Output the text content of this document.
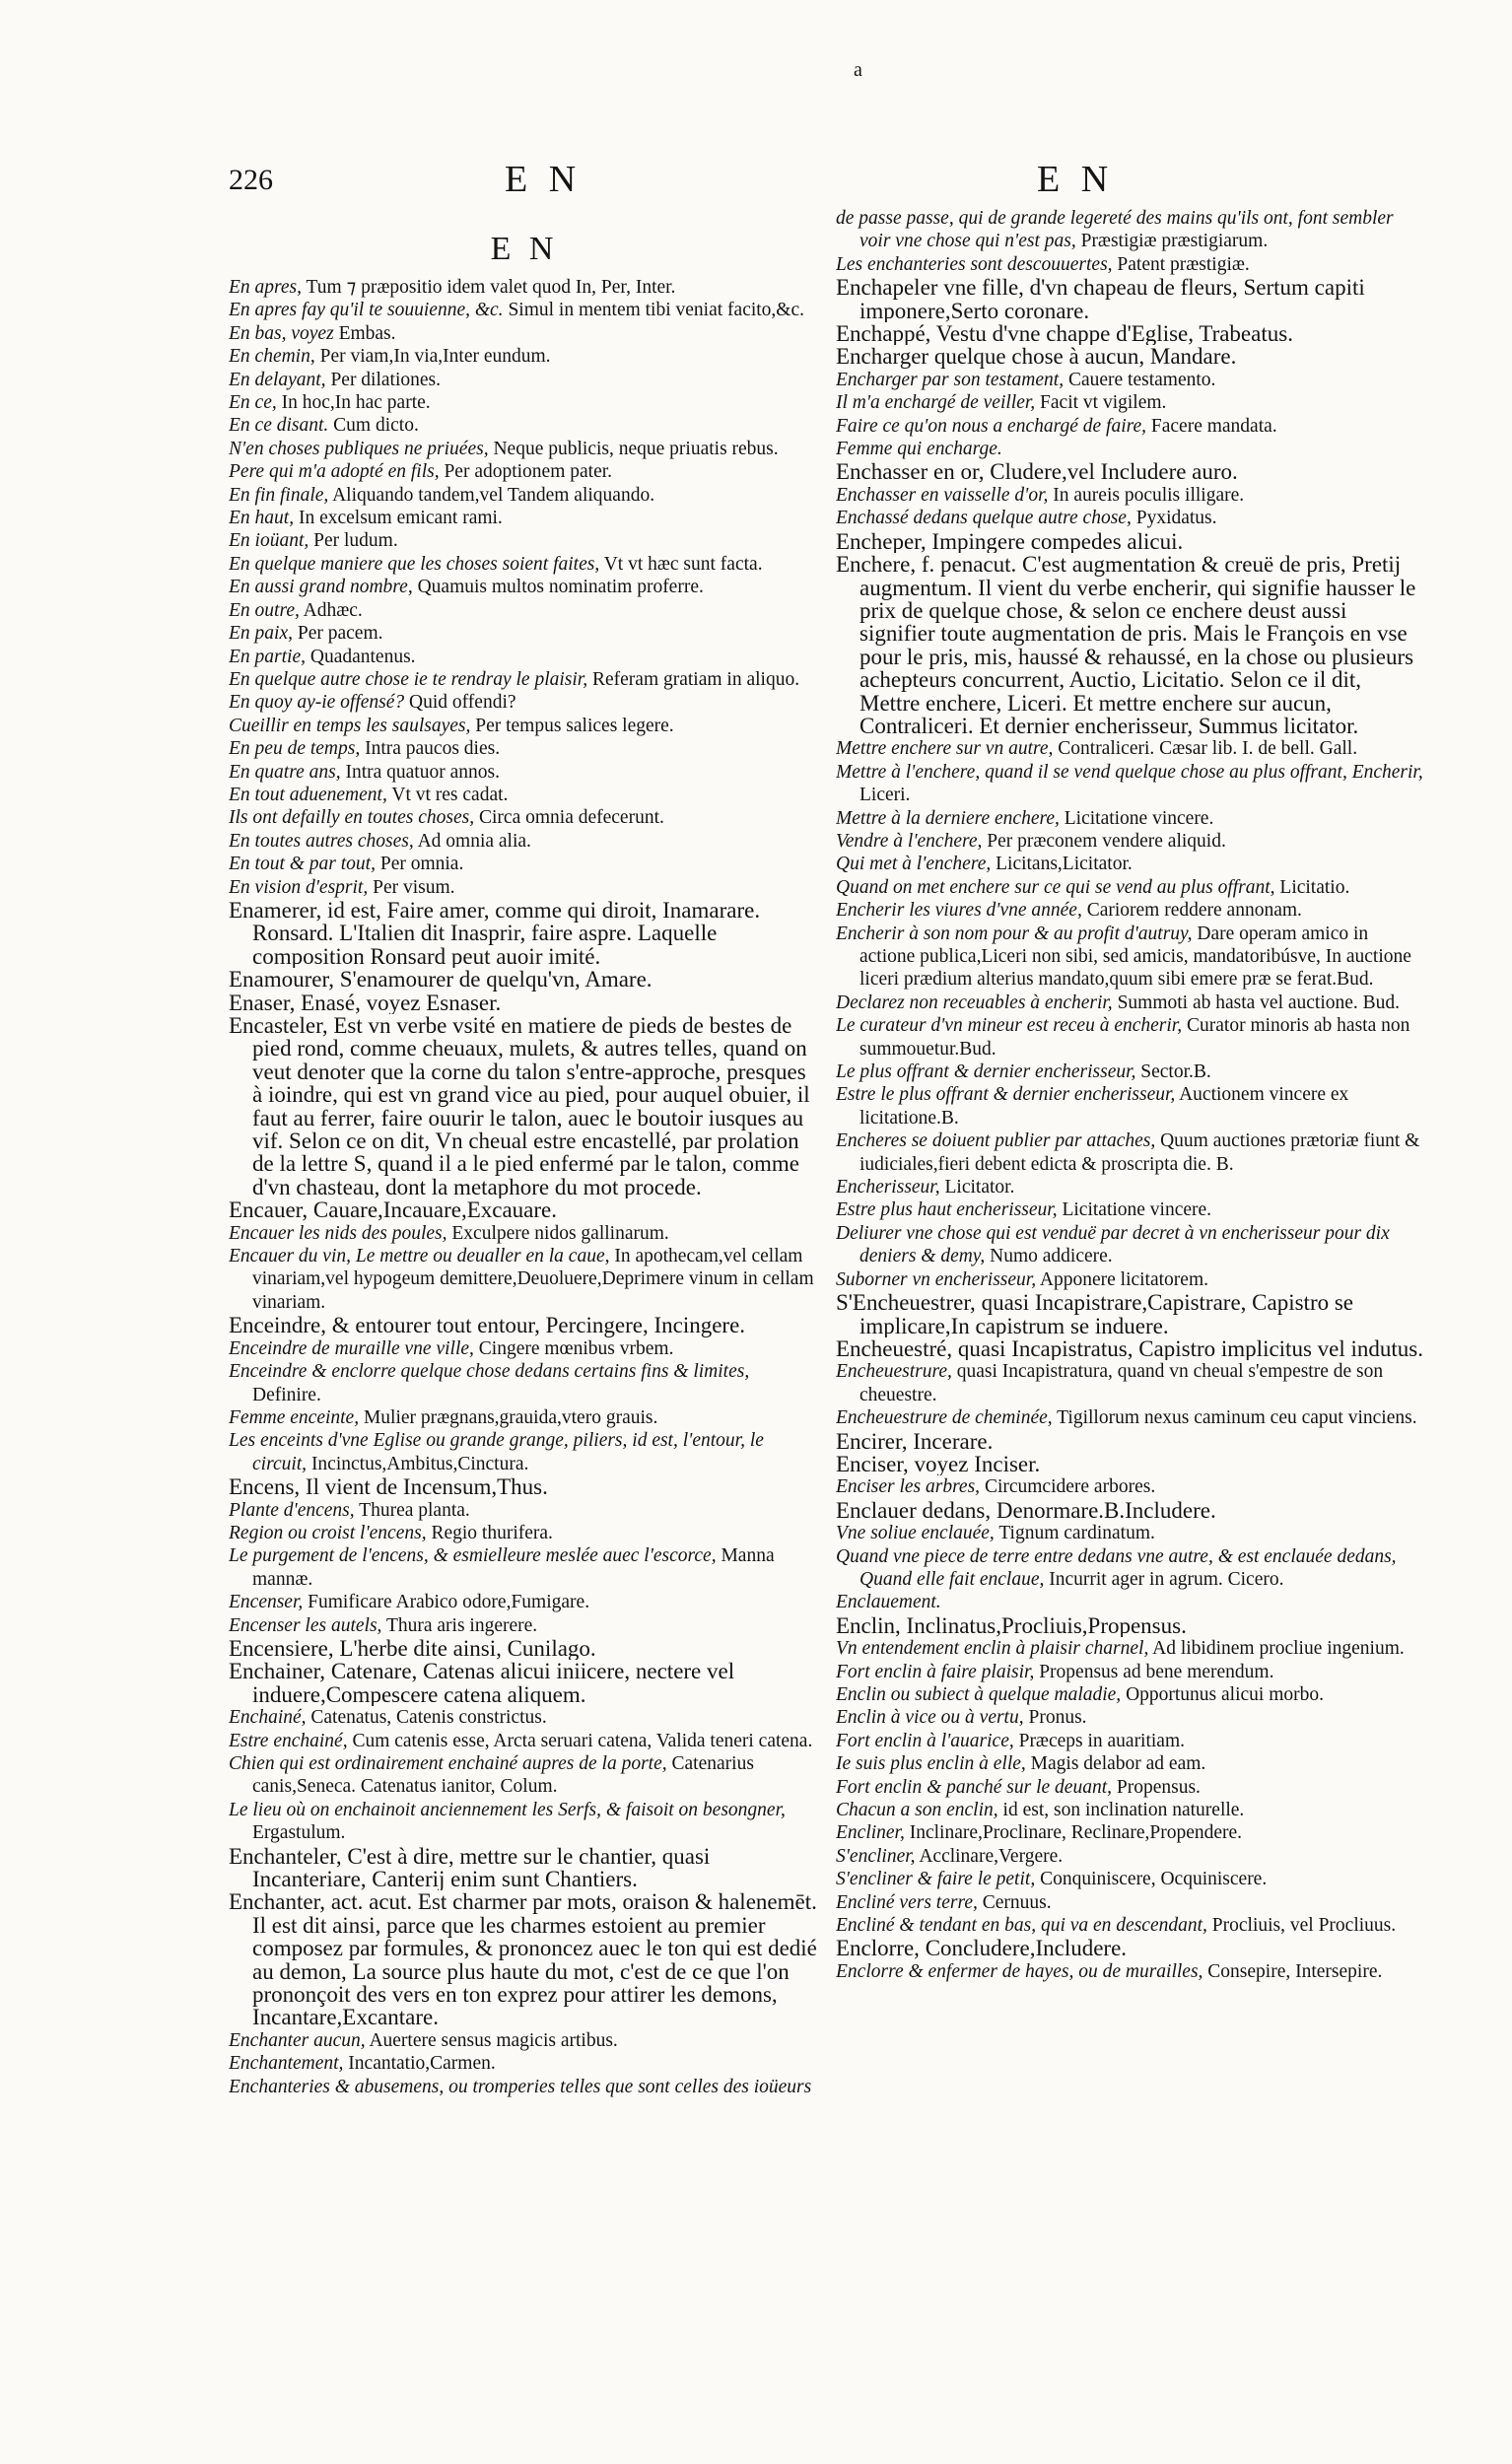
a
226	E N	E N
E N

En apres, Tum ⁊ præpositio idem valet quod In, Per, Inter.

En apres fay qu'il te souuienne, &c. Simul in mentem tibi veniat facito,&c.

En bas, voyez Embas.

En chemin, Per viam,In via,Inter eundum.

En delayant, Per dilationes.

En ce, In hoc,In hac parte.

En ce disant. Cum dicto.

N'en choses publiques ne priuées, Neque publicis, neque priuatis rebus.

Pere qui m'a adopté en fils, Per adoptionem pater.

En fin finale, Aliquando tandem,vel Tandem aliquando.

En haut, In excelsum emicant rami.

En ioüant, Per ludum.

En quelque maniere que les choses soient faites, Vt vt hæc sunt facta.

En aussi grand nombre, Quamuis multos nominatim proferre.

En outre, Adhæc.

En paix, Per pacem.

En partie, Quadantenus.

En quelque autre chose ie te rendray le plaisir, Referam gratiam in aliquo.

En quoy ay-ie offensé? Quid offendi?

Cueillir en temps les saulsayes, Per tempus salices legere.

En peu de temps, Intra paucos dies.

En quatre ans, Intra quatuor annos.

En tout aduenement, Vt vt res cadat.

Ils ont defailly en toutes choses, Circa omnia defecerunt.

En toutes autres choses, Ad omnia alia.

En tout & par tout, Per omnia.

En vision d'esprit, Per visum.

Enamerer, id est, Faire amer, comme qui diroit, Inamarare. Ronsard. L'Italien dit Inasprir, faire aspre. Laquelle composition Ronsard peut auoir imité.

Enamourer, S'enamourer de quelqu'vn, Amare.

Enaser, Enasé, voyez Esnaser.

Encasteler, Est vn verbe vsité en matiere de pieds de bestes de pied rond, comme cheuaux, mulets, & autres telles, quand on veut denoter que la corne du talon s'entre-approche, presques à ioindre, qui est vn grand vice au pied, pour auquel obuier, il faut au ferrer, faire ouurir le talon, auec le boutoir iusques au vif. Selon ce on dit, Vn cheual estre encastellé, par prolation de la lettre S, quand il a le pied enfermé par le talon, comme d'vn chasteau, dont la metaphore du mot procede.

Encauer, Cauare,Incauare,Excauare.

Encauer les nids des poules, Exculpere nidos gallinarum.

Encauer du vin, Le mettre ou deualler en la caue, In apothecam,vel cellam vinariam,vel hypogeum demittere,Deuoluere,Deprimere vinum in cellam vinariam.

Enceindre, & entourer tout entour, Percingere, Incingere.

Enceindre de muraille vne ville, Cingere mœnibus vrbem.

Enceindre & enclorre quelque chose dedans certains fins & limites, Definire.

Femme enceinte, Mulier prægnans,grauida,vtero grauis.

Les enceints d'vne Eglise ou grande grange, piliers, id est, l'entour, le circuit, Incinctus,Ambitus,Cinctura.

Encens, Il vient de Incensum,Thus.

Plante d'encens, Thurea planta.

Region ou croist l'encens, Regio thurifera.

Le purgement de l'encens, & esmielleure meslée auec l'escorce, Manna mannæ.

Encenser, Fumificare Arabico odore,Fumigare.

Encenser les autels, Thura aris ingerere.

Encensiere, L'herbe dite ainsi, Cunilago.

Enchainer, Catenare, Catenas alicui iniicere, nectere vel induere,Compescere catena aliquem.

Enchainé, Catenatus, Catenis constrictus.

Estre enchainé, Cum catenis esse, Arcta seruari catena, Valida teneri catena.

Chien qui est ordinairement enchainé aupres de la porte, Catenarius canis,Seneca. Catenatus ianitor, Colum.

Le lieu où on enchainoit anciennement les Serfs, & faisoit on besongner, Ergastulum.

Enchanteler, C'est à dire, mettre sur le chantier, quasi Incanteriare, Canterij enim sunt Chantiers.

Enchanter, act. acut. Est charmer par mots, oraison & halenemēt. Il est dit ainsi, parce que les charmes estoient au premier composez par formules, & prononcez auec le ton qui est dedié au demon, La source plus haute du mot, c'est de ce que l'on prononçoit des vers en ton exprez pour attirer les demons, Incantare,Excantare.

Enchanter aucun, Auertere sensus magicis artibus.

Enchantement, Incantatio,Carmen.

Enchanteries & abusemens, ou tromperies telles que sont celles des ioüeurs

de passe passe, qui de grande legereté des mains qu'ils ont, font sembler voir vne chose qui n'est pas, Præstigiæ præstigiarum.

Les enchanteries sont descouuertes, Patent præstigiæ.

Enchapeler vne fille, d'vn chapeau de fleurs, Sertum capiti imponere,Serto coronare.

Enchappé, Vestu d'vne chappe d'Eglise, Trabeatus.

Encharger quelque chose à aucun, Mandare.

Encharger par son testament, Cauere testamento.

Il m'a enchargé de veiller, Facit vt vigilem.

Faire ce qu'on nous a enchargé de faire, Facere mandata.

Femme qui encharge.

Enchasser en or, Cludere,vel Includere auro.

Enchasser en vaisselle d'or, In aureis poculis illigare.

Enchassé dedans quelque autre chose, Pyxidatus.

Encheper, Impingere compedes alicui.

Enchere, f. penacut. C'est augmentation & creuë de pris, Pretij augmentum. Il vient du verbe encherir, qui signifie hausser le prix de quelque chose, & selon ce enchere deust aussi signifier toute augmentation de pris. Mais le François en vse pour le pris, mis, haussé & rehaussé, en la chose ou plusieurs achepteurs concurrent, Auctio, Licitatio. Selon ce il dit, Mettre enchere, Liceri. Et mettre enchere sur aucun, Contraliceri. Et dernier encherisseur, Summus licitator.

Mettre enchere sur vn autre, Contraliceri. Cæsar lib. I. de bell. Gall.

Mettre à l'enchere, quand il se vend quelque chose au plus offrant, Encherir, Liceri.

Mettre à la derniere enchere, Licitatione vincere.

Vendre à l'enchere, Per præconem vendere aliquid.

Qui met à l'enchere, Licitans,Licitator.

Quand on met enchere sur ce qui se vend au plus offrant, Licitatio.

Encherir les viures d'vne année, Cariorem reddere annonam.

Encherir à son nom pour & au profit d'autruy, Dare operam amico in actione publica,Liceri non sibi, sed amicis, mandatoribúsve, In auctione liceri prædium alterius mandato,quum sibi emere præ se ferat.Bud.

Declarez non receuables à encherir, Summoti ab hasta vel auctione. Bud.

Le curateur d'vn mineur est receu à encherir, Curator minoris ab hasta non summouetur.Bud.

Le plus offrant & dernier encherisseur, Sector.B.

Estre le plus offrant & dernier encherisseur, Auctionem vincere ex licitatione.B.

Encheres se doiuent publier par attaches, Quum auctiones prætoriæ fiunt & iudiciales,fieri debent edicta & proscripta die. B.

Encherisseur, Licitator.

Estre plus haut encherisseur, Licitatione vincere.

Deliurer vne chose qui est venduë par decret à vn encherisseur pour dix deniers & demy, Numo addicere.

Suborner vn encherisseur, Apponere licitatorem.

S'Encheuestrer, quasi Incapistrare,Capistrare, Capistro se implicare,In capistrum se induere.

Encheuestré, quasi Incapistratus, Capistro implicitus vel indutus.

Encheuestrure, quasi Incapistratura, quand vn cheual s'empestre de son cheuestre.

Encheuestrure de cheminée, Tigillorum nexus caminum ceu caput vinciens.

Encirer, Incerare.

Enciser, voyez Inciser.

Enciser les arbres, Circumcidere arbores.

Enclauer dedans, Denormare.B.Includere.

Vne soliue enclauée, Tignum cardinatum.

Quand vne piece de terre entre dedans vne autre, & est enclauée dedans, Quand elle fait enclaue, Incurrit ager in agrum. Cicero.

Enclauement.

Enclin, Inclinatus,Procliuis,Propensus.

Vn entendement enclin à plaisir charnel, Ad libidinem procliue ingenium.

Fort enclin à faire plaisir, Propensus ad bene merendum.

Enclin ou subiect à quelque maladie, Opportunus alicui morbo.

Enclin à vice ou à vertu, Pronus.

Fort enclin à l'auarice, Præceps in auaritiam.

Ie suis plus enclin à elle, Magis delabor ad eam.

Fort enclin & panché sur le deuant, Propensus.

Chacun a son enclin, id est, son inclination naturelle.

Encliner, Inclinare,Proclinare, Reclinare,Propendere.

S'encliner, Acclinare,Vergere.

S'encliner & faire le petit, Conquiniscere, Ocquiniscere.

Encliné vers terre, Cernuus.

Encliné & tendant en bas, qui va en descendant, Procliuis, vel Procliuus.

Enclorre, Concludere,Includere.

Enclorre & enfermer de hayes, ou de murailles, Consepire, Intersepire.
